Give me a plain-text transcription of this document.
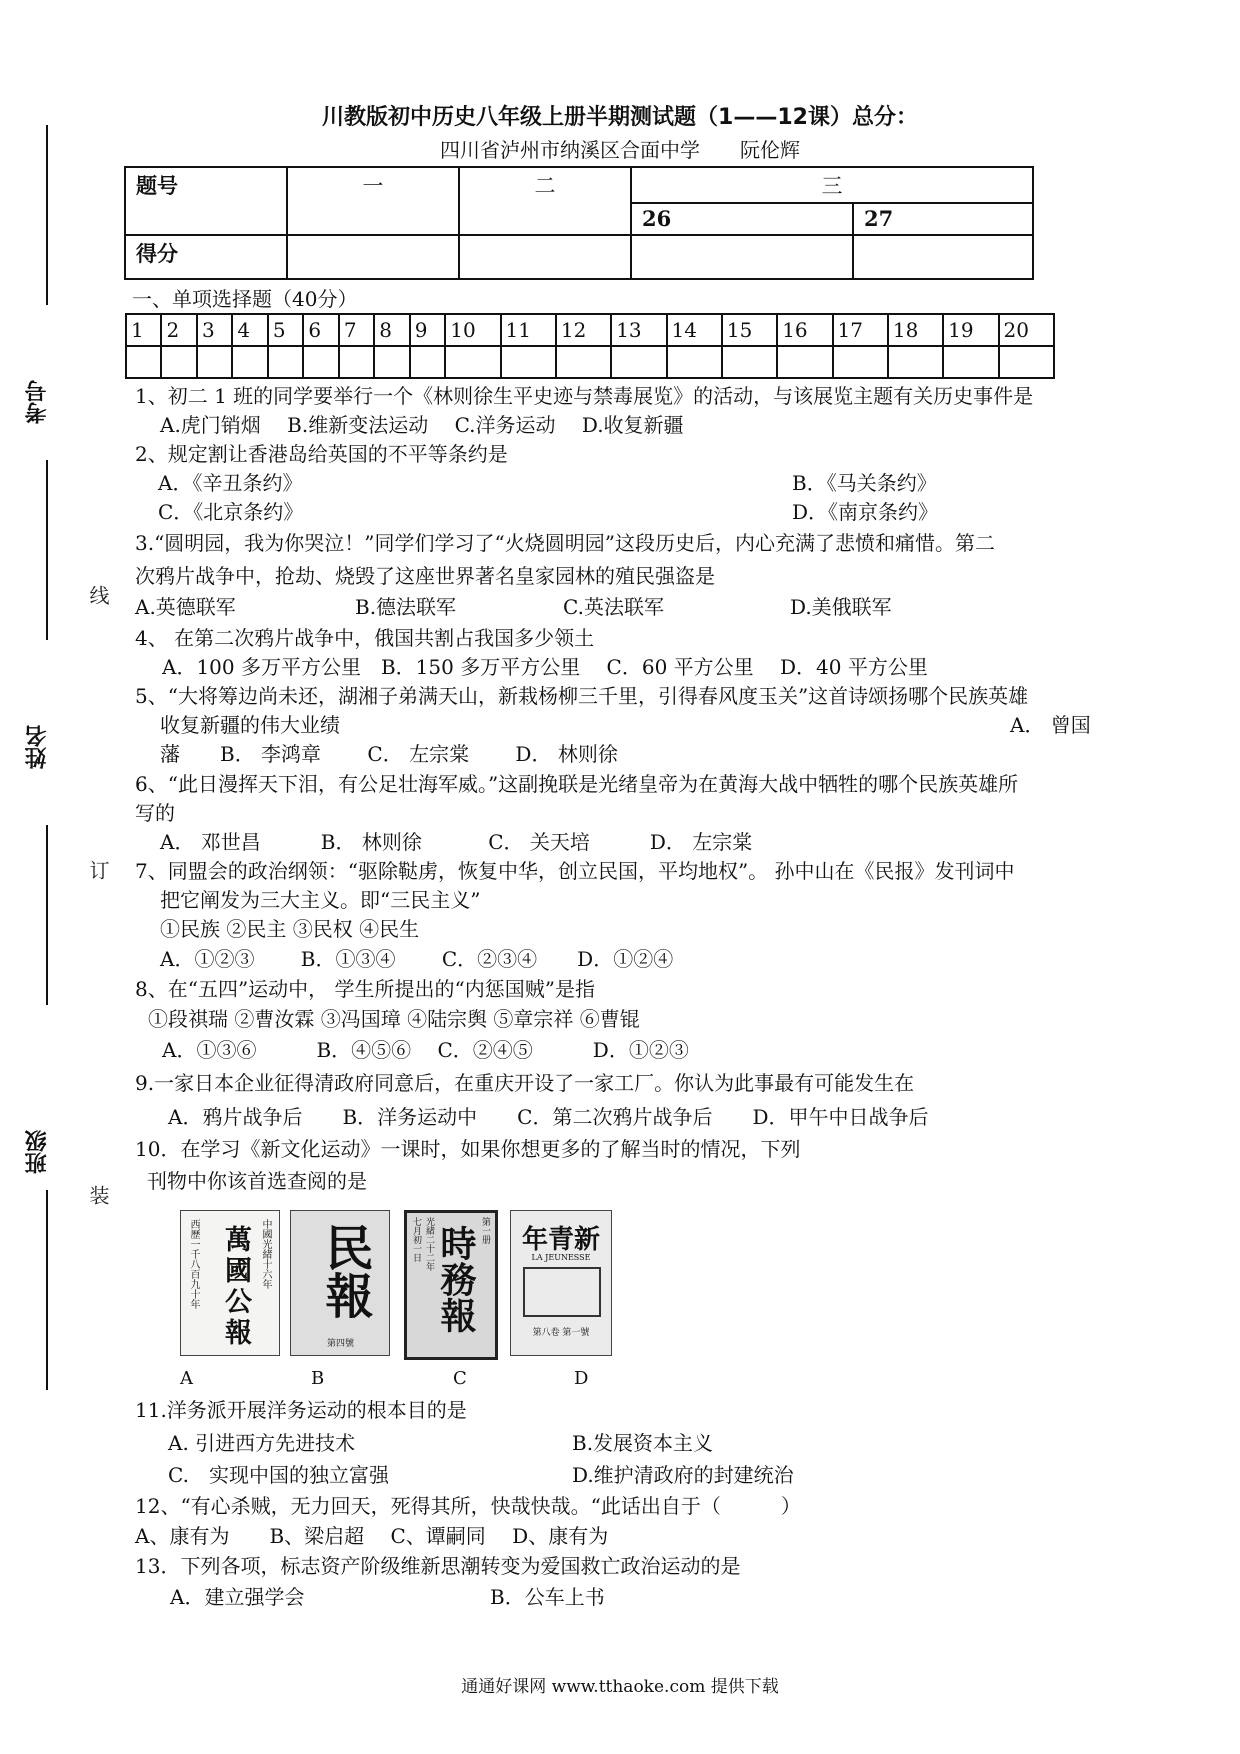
考号
姓名
班级
线
订
装
川教版初中历史八年级上册半期测试题（1——12课）总分：
四川省泸州市纳溪区合面中学　　阮伦辉
题号	一	二	三	
			26	27
得分				
一、单项选择题（40分）
1	2	3	4	5	6	7	8	9	10	11	12	13	14	15	16	17	18	19	20

1、初二 1 班的同学要举行一个《林则徐生平史迹与禁毒展览》的活动，与该展览主题有关历史事件是
A.虎门销烟　 B.维新变法运动　 C.洋务运动　 D.收复新疆
2、规定割让香港岛给英国的不平等条约是
A．《辛丑条约》	B．《马关条约》
C．《北京条约》	D．《南京条约》
3.“圆明园，我为你哭泣！”同学们学习了“火烧圆明园”这段历史后，内心充满了悲愤和痛惜。第二
次鸦片战争中，抢劫、烧毁了这座世界著名皇家园林的殖民强盗是
A.英德联军	B.德法联军	C.英法联军	D.美俄联军
4、 在第二次鸦片战争中，俄国共割占我国多少领土
A．100 多万平方公里　B．150 多万平方公里　 C．60 平方公里　 D．40 平方公里
5、“大将筹边尚未还，湖湘子弟满天山，新栽杨柳三千里，引得春风度玉关”这首诗颂扬哪个民族英雄
收复新疆的伟大业绩	A． 曾国
藩　　B． 李鸿章　　 C． 左宗棠　　 D． 林则徐
6、“此日漫挥天下泪，有公足壮海军威。”这副挽联是光绪皇帝为在黄海大战中牺牲的哪个民族英雄所
写的
A． 邓世昌　　　B． 林则徐　　　 C． 关天培　　　D． 左宗棠
7、同盟会的政治纲领：“驱除鞑虏，恢复中华，创立民国，平均地权”。 孙中山在《民报》发刊词中
把它阐发为三大主义。即“三民主义”
①民族 ②民主 ③民权 ④民生
A．①②③　　 B．①③④　　 C．②③④　　D．①②④
8、在“五四”运动中， 学生所提出的“内惩国贼”是指
①段祺瑞 ②曹汝霖 ③冯国璋 ④陆宗舆 ⑤章宗祥 ⑥曹锟
A．①③⑥　　　B．④⑤⑥　 C．②④⑤　　　D．①②③
9.一家日本企业征得清政府同意后，在重庆开设了一家工厂。你认为此事最有可能发生在
A．鸦片战争后　　B．洋务运动中　　C．第二次鸦片战争后　　D．甲午中日战争后
10．在学习《新文化运动》一课时，如果你想更多的了解当时的情况，下列
刊物中你该首选查阅的是
西歷一千八百九十年 萬國公報 中國光緒十六年 民報
第四號
光緒二十二年七月初一日 時務報 第一册	新青年
LA JEUNESSE
第八卷 第一號
A	B	C	D
11.洋务派开展洋务运动的根本目的是
A. 引进西方先进技术	B.发展资本主义
C.　实现中国的独立富强	D.维护清政府的封建统治
12、“有心杀贼，无力回天，死得其所，快哉快哉。“此话出自于（　　　）
A、康有为　　B、梁启超　 C、谭嗣同　 D、康有为
13．下列各项，标志资产阶级维新思潮转变为爱国救亡政治运动的是
A．建立强学会	B．公车上书
通通好课网 www.tthaoke.com 提供下载
